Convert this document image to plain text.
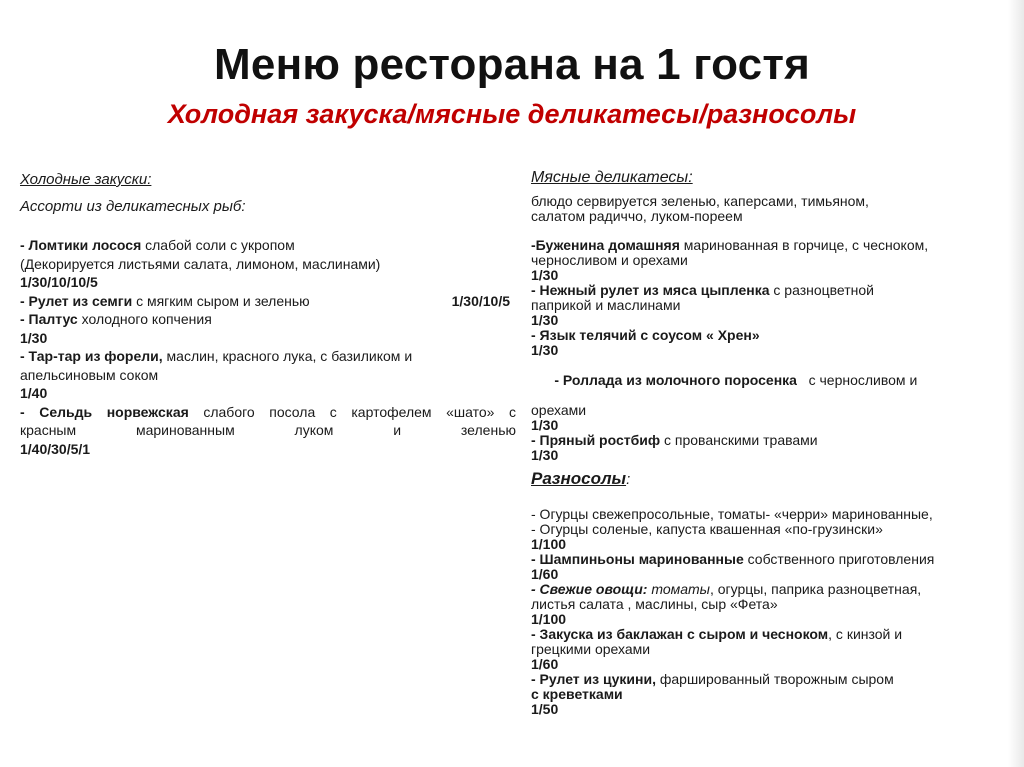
Меню ресторана на 1 гостя
Холодная закуска/мясные деликатесы/разносолы
Холодные закуски:
Ассорти из деликатесных рыб:
- Ломтики лосося слабой соли с укропом
(Декорируется листьями салата, лимоном, маслинами)
1/30/10/10/5
- Рулет из семги с мягким сыром и зеленью	1/30/10/5
- Палтус холодного копчения
1/30
- Тар-тар из форели, маслин, красного лука, с базиликом и
апельсиновым соком
1/40
- Сельдь норвежская слабого посола с картофелем «шато» с
красным маринованным луком и зеленью
1/40/30/5/1
Мясные деликатесы:
блюдо сервируется зеленью, каперсами, тимьяном,
салатом радиччо, луком-пореем
-Буженина домашняя маринованная в горчице, с чесноком,
черносливом и орехами
1/30
- Нежный рулет из мяса цыпленка с разноцветной
паприкой и маслинами
1/30
- Язык телячий с соусом « Хрен»
1/30

- Роллада из молочного поросенка   с черносливом и

орехами
1/30
- Пряный ростбиф с прованскими травами
1/30
Разносолы:
- Огурцы свежепросольные, томаты- «черри» маринованные,
- Огурцы соленые, капуста квашенная «по-грузински»
1/100
- Шампиньоны маринованные собственного приготовления
1/60
- Свежие овощи: томаты, огурцы, паприка разноцветная,
листья салата , маслины, сыр «Фета»
1/100
- Закуска из баклажан с сыром и чесноком, с кинзой и
грецкими орехами
1/60
- Рулет из цукини, фаршированный творожным сыром
с креветками
1/50
